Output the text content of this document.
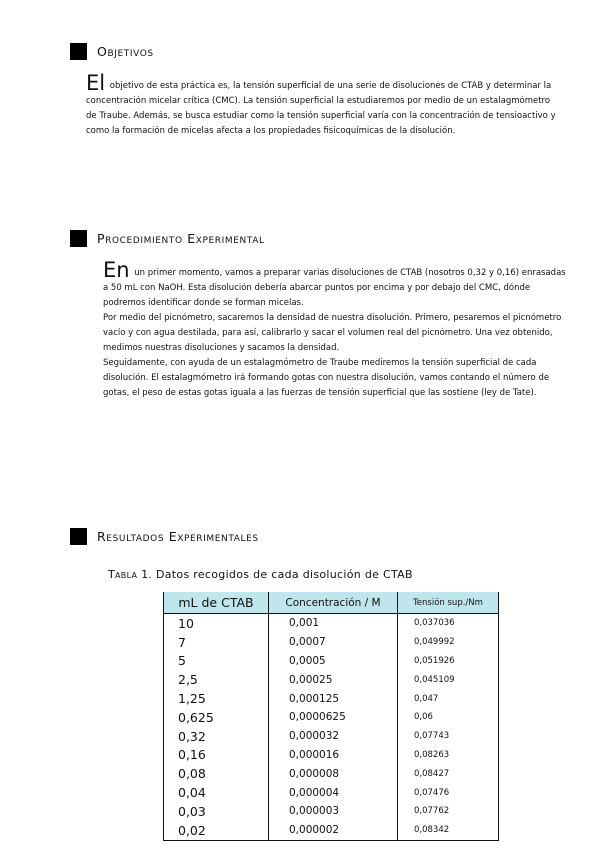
Objetivos
El objetivo de esta práctica es, la tensión superficial de una serie de disoluciones de CTAB y determinar la concentración micelar crítica (CMC). La tensión superficial la estudiaremos por medio de un estalagmómetro de Traube. Además, se busca estudiar como la tensión superficial varía con la concentración de tensioactivo y como la formación de micelas afecta a los propiedades fisicoquímicas de la disolución.
Procedimiento Experimental

En un primer momento, vamos a preparar varias disoluciones de CTAB (nosotros 0,32 y 0,16) enrasadas a 50 mL con NaOH. Esta disolución debería abarcar puntos por encima y por debajo del CMC, dónde podremos identificar donde se forman micelas.

Por medio del picnómetro, sacaremos la densidad de nuestra disolución. Primero, pesaremos el picnómetro vacío y con agua destilada, para así, calibrarlo y sacar el volumen real del picnómetro. Una vez obtenido, medimos nuestras disoluciones y sacamos la densidad.

Seguidamente, con ayuda de un estalagmómetro de Traube mediremos la tensión superficial de cada disolución. El estalagmómetro irá formando gotas con nuestra disolución, vamos contando el número de gotas, el peso de estas gotas iguala a las fuerzas de tensión superficial que las sostiene (ley de Tate).

Resultados Experimentales
Tabla 1. Datos recogidos de cada disolución de CTAB
mL de CTAB	Concentración / M	Tensión sup./Nm
10	0,001	0,037036
7	0,0007	0,049992
5	0,0005	0,051926
2,5	0,00025	0,045109
1,25	0,000125	0,047
0,625	0,0000625	0,06
0,32	0,000032	0,07743
0,16	0,000016	0,08263
0,08	0,000008	0,08427
0,04	0,000004	0,07476
0,03	0,000003	0,07762
0,02	0,000002	0,08342
